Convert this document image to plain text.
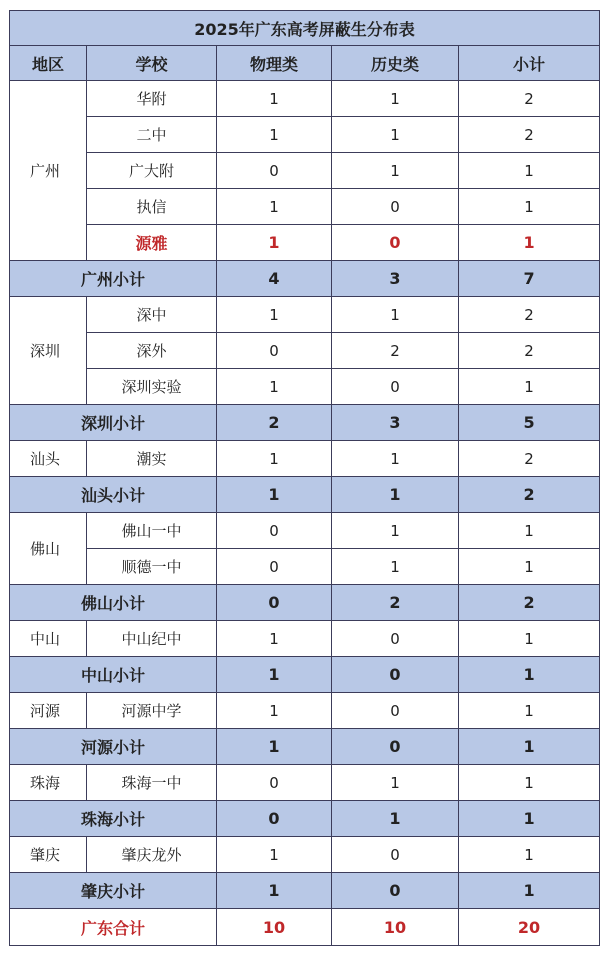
2025年广东高考屏蔽生分布表				
地区	学校	物理类	历史类	小计
广州	华附	1	1	2
	二中	1	1	2
	广大附	0	1	1
	执信	1	0	1
	源雅	1	0	1
广州小计		4	3	7
深圳	深中	1	1	2
	深外	0	2	2
	深圳实验	1	0	1
深圳小计		2	3	5
汕头	潮实	1	1	2
汕头小计		1	1	2
佛山	佛山一中	0	1	1
	顺德一中	0	1	1
佛山小计		0	2	2
中山	中山纪中	1	0	1
中山小计		1	0	1
河源	河源中学	1	0	1
河源小计		1	0	1
珠海	珠海一中	0	1	1
珠海小计		0	1	1
肇庆	肇庆龙外	1	0	1
肇庆小计		1	0	1
广东合计		10	10	20
